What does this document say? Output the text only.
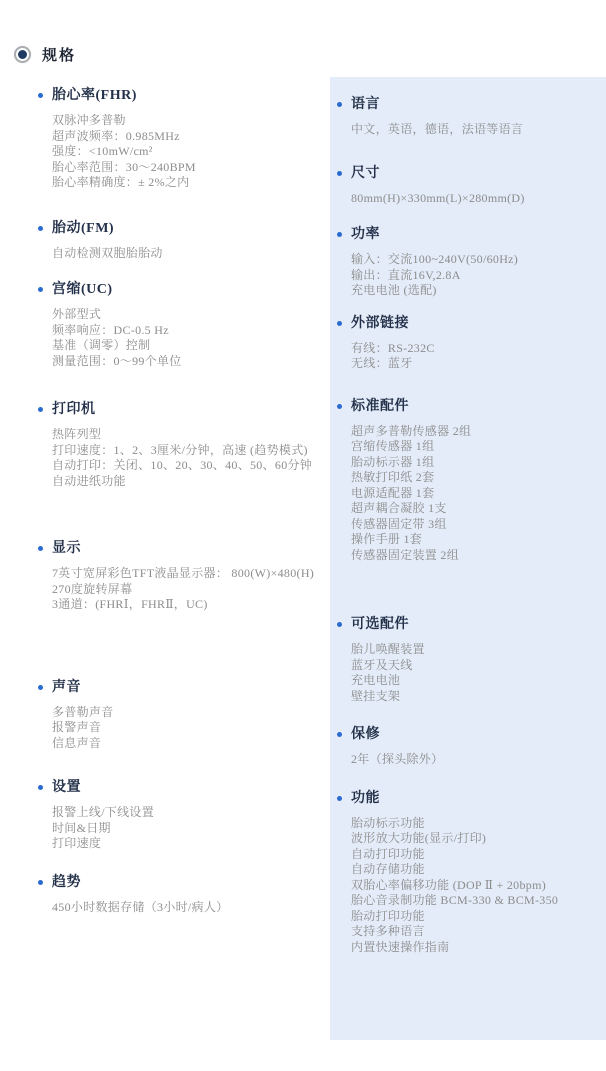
规格
胎心率(FHR)
双脉冲多普勒
超声波频率：0.985MHz
强度：<10mW/cm²
胎心率范围：30～240BPM
胎心率精确度：± 2%之内
胎动(FM)
自动检测双胞胎胎动
宫缩(UC)
外部型式
频率响应：DC-0.5 Hz
基准（调零）控制
测量范围：0～99个单位
打印机
热阵列型
打印速度：1、2、3厘米/分钟，高速 (趋势模式)
自动打印：关闭、10、20、30、40、50、60分钟
自动进纸功能
显示
7英寸宽屏彩色TFT液晶显示器： 800(W)×480(H)
270度旋转屏幕
3通道：(FHRⅠ，FHRⅡ，UC)
声音
多普勒声音
报警声音
信息声音
设置
报警上线/下线设置
时间&日期
打印速度
趋势
450小时数据存储（3小时/病人）
语言
中文，英语，德语，法语等语言
尺寸
80mm(H)×330mm(L)×280mm(D)
功率
输入：交流100~240V(50/60Hz)
输出：直流16V,2.8A
充电电池 (选配)
外部链接
有线：RS-232C
无线：蓝牙
标准配件
超声多普勒传感器 2组
宫缩传感器 1组
胎动标示器 1组
热敏打印纸 2套
电源适配器 1套
超声耦合凝胶 1支
传感器固定带 3组
操作手册 1套
传感器固定装置 2组
可选配件
胎儿唤醒装置
蓝牙及天线
充电电池
壁挂支架
保修
2年（探头除外）
功能
胎动标示功能
波形放大功能(显示/打印)
自动打印功能
自动存储功能
双胎心率偏移功能 (DOP Ⅱ + 20bpm)
胎心音录制功能 BCM-330 & BCM-350
胎动打印功能
支持多种语言
内置快速操作指南
